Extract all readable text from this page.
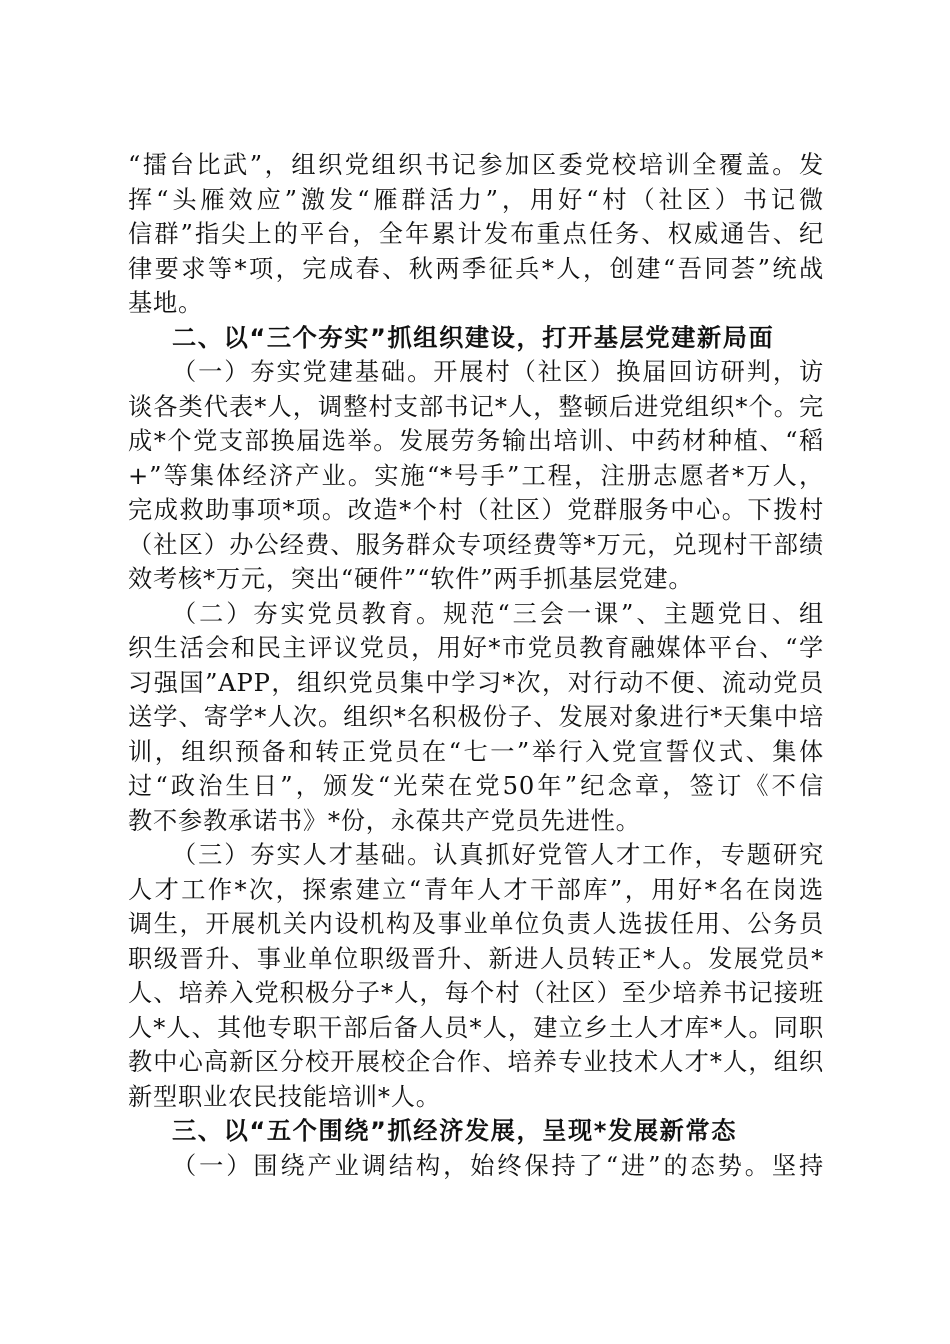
“擂台比武”，组织党组织书记参加区委党校培训全覆盖。发
挥“头雁效应”激发“雁群活力”，用好“村（社区）书记微
信群”指尖上的平台，全年累计发布重点任务、权威通告、纪
律要求等*项，完成春、秋两季征兵*人，创建“吾同荟”统战
基地。
二、以“三个夯实”抓组织建设，打开基层党建新局面
（一）夯实党建基础。开展村（社区）换届回访研判，访
谈各类代表*人，调整村支部书记*人，整顿后进党组织*个。完
成*个党支部换届选举。发展劳务输出培训、中药材种植、“稻
+”等集体经济产业。实施“*号手”工程，注册志愿者*万人，
完成救助事项*项。改造*个村（社区）党群服务中心。下拨村
（社区）办公经费、服务群众专项经费等*万元，兑现村干部绩
效考核*万元，突出“硬件”“软件”两手抓基层党建。
（二）夯实党员教育。规范“三会一课”、主题党日、组
织生活会和民主评议党员，用好*市党员教育融媒体平台、“学
习强国”APP，组织党员集中学习*次，对行动不便、流动党员
送学、寄学*人次。组织*名积极份子、发展对象进行*天集中培
训，组织预备和转正党员在“七一”举行入党宣誓仪式、集体
过“政治生日”，颁发“光荣在党50年”纪念章，签订《不信
教不参教承诺书》*份，永葆共产党员先进性。
（三）夯实人才基础。认真抓好党管人才工作，专题研究
人才工作*次，探索建立“青年人才干部库”，用好*名在岗选
调生，开展机关内设机构及事业单位负责人选拔任用、公务员
职级晋升、事业单位职级晋升、新进人员转正*人。发展党员*
人、培养入党积极分子*人，每个村（社区）至少培养书记接班
人*人、其他专职干部后备人员*人，建立乡土人才库*人。同职
教中心高新区分校开展校企合作、培养专业技术人才*人，组织
新型职业农民技能培训*人。
三、以“五个围绕”抓经济发展，呈现*发展新常态
（一）围绕产业调结构，始终保持了“进”的态势。坚持
